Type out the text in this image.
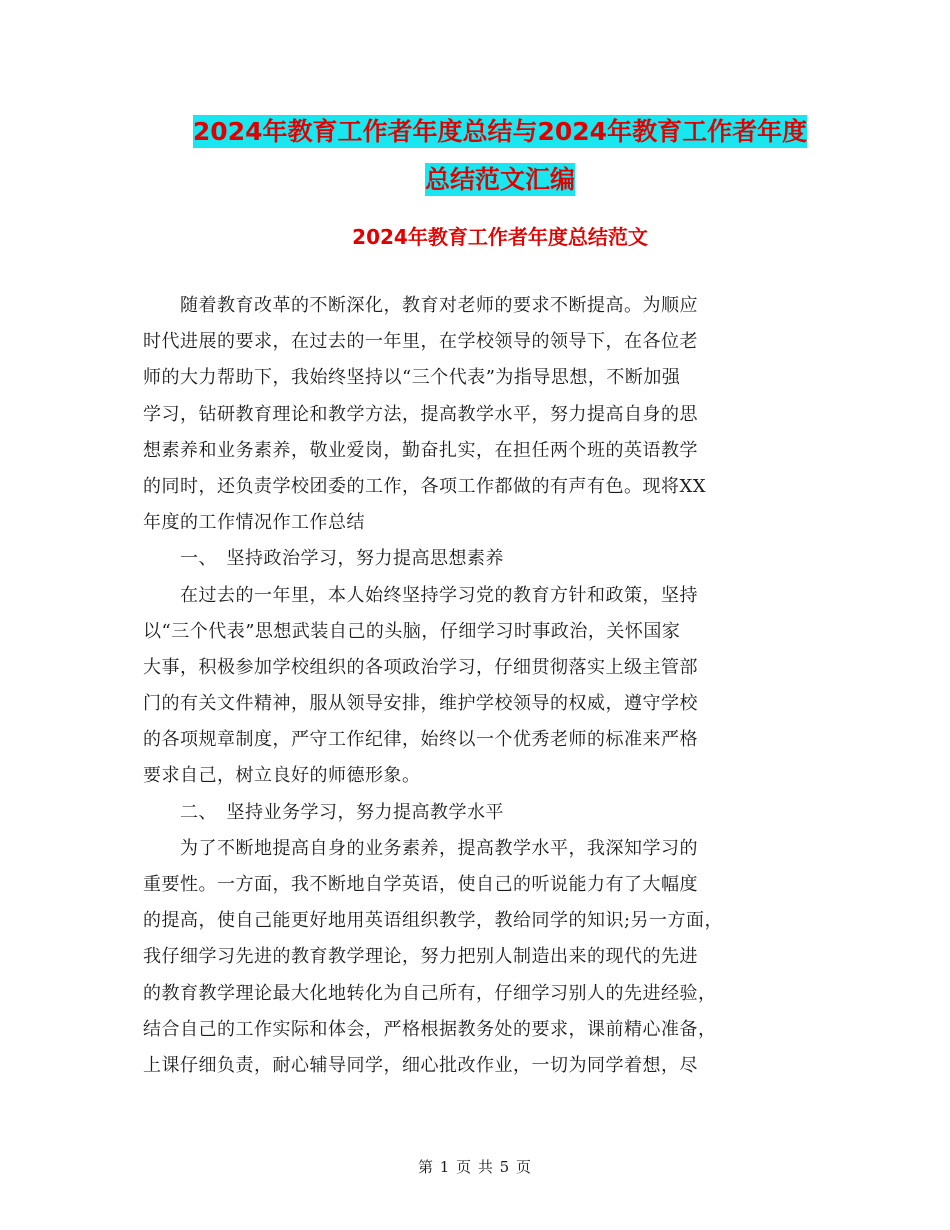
2024年教育工作者年度总结与2024年教育工作者年度
总结范文汇编
2024年教育工作者年度总结范文
　　随着教育改革的不断深化，教育对老师的要求不断提高。为顺应
时代进展的要求，在过去的一年里，在学校领导的领导下，在各位老
师的大力帮助下，我始终坚持以“三个代表”为指导思想，不断加强
学习，钻研教育理论和教学方法，提高教学水平，努力提高自身的思
想素养和业务素养，敬业爱岗，勤奋扎实，在担任两个班的英语教学
的同时，还负责学校团委的工作，各项工作都做的有声有色。现将XX
年度的工作情况作工作总结
　　一、　坚持政治学习，努力提高思想素养
　　在过去的一年里，本人始终坚持学习党的教育方针和政策，坚持
以“三个代表”思想武装自己的头脑，仔细学习时事政治，关怀国家
大事，积极参加学校组织的各项政治学习，仔细贯彻落实上级主管部
门的有关文件精神，服从领导安排，维护学校领导的权威，遵守学校
的各项规章制度，严守工作纪律，始终以一个优秀老师的标准来严格
要求自己，树立良好的师德形象。
　　二、　坚持业务学习，努力提高教学水平
　　为了不断地提高自身的业务素养，提高教学水平，我深知学习的
重要性。一方面，我不断地自学英语，使自己的听说能力有了大幅度
的提高，使自己能更好地用英语组织教学，教给同学的知识;另一方面，
我仔细学习先进的教育教学理论，努力把别人制造出来的现代的先进
的教育教学理论最大化地转化为自己所有，仔细学习别人的先进经验，
结合自己的工作实际和体会，严格根据教务处的要求，课前精心准备，
上课仔细负责，耐心辅导同学，细心批改作业，一切为同学着想，尽
第 1 页 共 5 页
